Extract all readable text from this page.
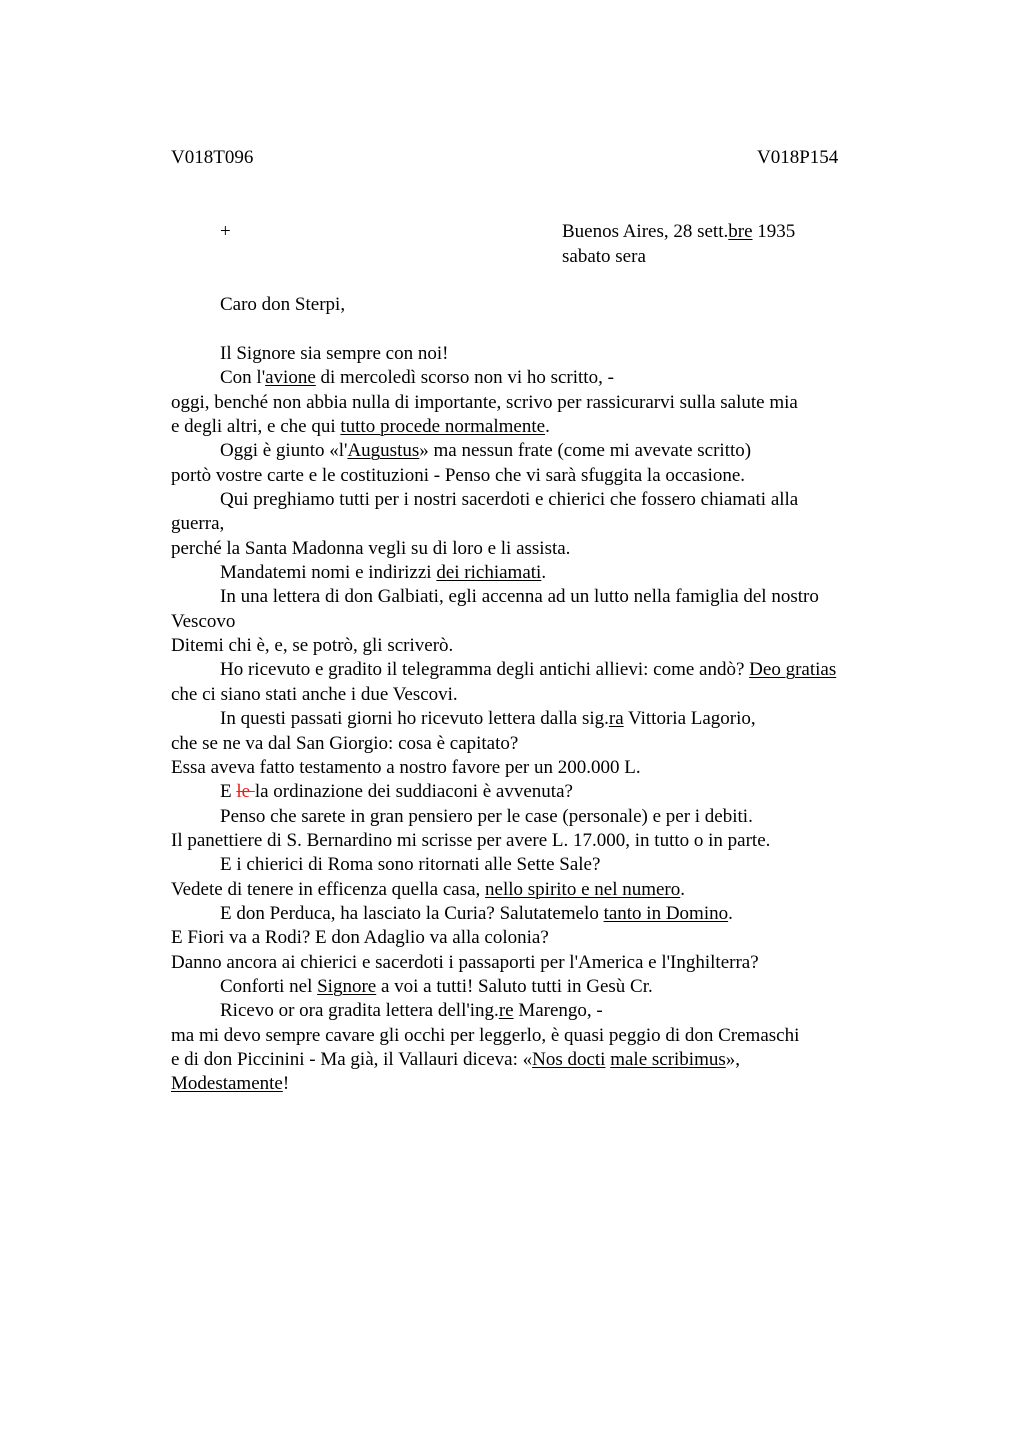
V018T096	V018P154
+	Buenos Aires, 28 sett.bre 1935
sabato sera
Caro don Sterpi,
Il Signore sia sempre con noi!
Con l'avione di mercoledì scorso non vi ho scritto, -
oggi, benché non abbia nulla di importante, scrivo per rassicurarvi sulla salute mia
e degli altri, e che qui tutto procede normalmente.
Oggi è giunto «l'Augustus» ma nessun frate (come mi avevate scritto)
portò vostre carte e le costituzioni - Penso che vi sarà sfuggita la occasione.
Qui preghiamo tutti per i nostri sacerdoti e chierici che fossero chiamati alla
guerra,
perché la Santa Madonna vegli su di loro e li assista.
Mandatemi nomi e indirizzi dei richiamati.
In una lettera di don Galbiati, egli accenna ad un lutto nella famiglia del nostro
Vescovo
Ditemi chi è, e, se potrò, gli scriverò.
Ho ricevuto e gradito il telegramma degli antichi allievi: come andò? Deo gratias
che ci siano stati anche i due Vescovi.
In questi passati giorni ho ricevuto lettera dalla sig.ra Vittoria Lagorio,
che se ne va dal San Giorgio: cosa è capitato?
Essa aveva fatto testamento a nostro favore per un 200.000 L.
E le la ordinazione dei suddiaconi è avvenuta?
Penso che sarete in gran pensiero per le case (personale) e per i debiti.
Il panettiere di S. Bernardino mi scrisse per avere L. 17.000, in tutto o in parte.
E i chierici di Roma sono ritornati alle Sette Sale?
Vedete di tenere in efficenza quella casa, nello spirito e nel numero.
E don Perduca, ha lasciato la Curia? Salutatemelo tanto in Domino.
E Fiori va a Rodi? E don Adaglio va alla colonia?
Danno ancora ai chierici e sacerdoti i passaporti per l'America e l'Inghilterra?
Conforti nel Signore a voi a tutti! Saluto tutti in Gesù Cr.
Ricevo or ora gradita lettera dell'ing.re Marengo, -
ma mi devo sempre cavare gli occhi per leggerlo, è quasi peggio di don Cremaschi
e di don Piccinini - Ma già, il Vallauri diceva: «Nos docti male scribimus»,
Modestamente!
